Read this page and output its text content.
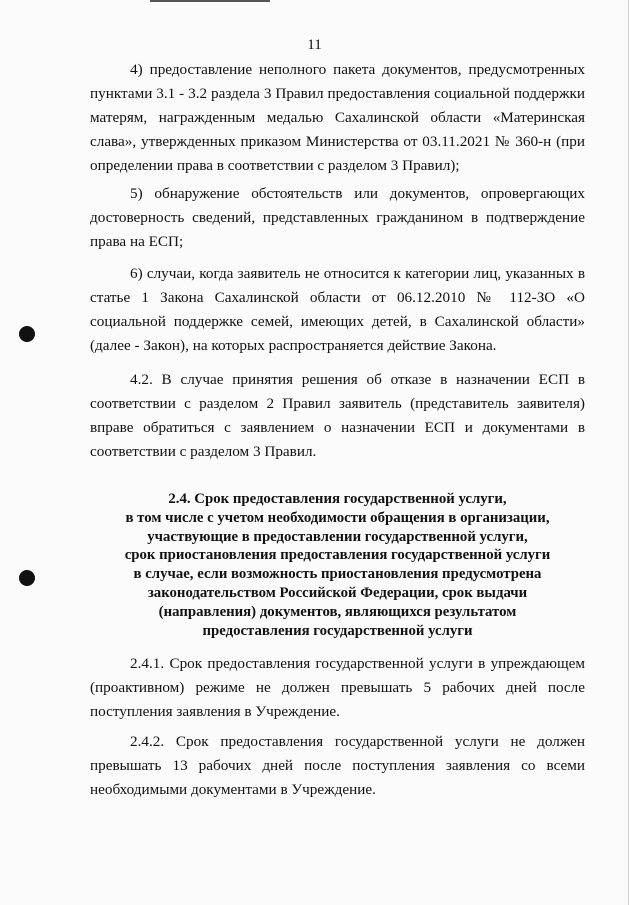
11

4) предоставление неполного пакета документов, предусмотренных пунктами 3.1 - 3.2 раздела 3 Правил предоставления социальной поддержки матерям, награжденным медалью Сахалинской области «Материнская слава», утвержденных приказом Министерства от 03.11.2021 № 360-н (при определении права в соответствии с разделом 3 Правил);

5) обнаружение обстоятельств или документов, опровергающих достоверность сведений, представленных гражданином в подтверждение права на ЕСП;

6) случаи, когда заявитель не относится к категории лиц, указанных в статье 1 Закона Сахалинской области от 06.12.2010 № 112-ЗО «О социальной поддержке семей, имеющих детей, в Сахалинской области» (далее - Закон), на которых распространяется действие Закона.

4.2. В случае принятия решения об отказе в назначении ЕСП в соответствии с разделом 2 Правил заявитель (представитель заявителя) вправе обратиться с заявлением о назначении ЕСП и документами в соответствии с разделом 3 Правил.

2.4. Срок предоставления государственной услуги,
в том числе с учетом необходимости обращения в организации,
участвующие в предоставлении государственной услуги,
срок приостановления предоставления государственной услуги
в случае, если возможность приостановления предусмотрена
законодательством Российской Федерации, срок выдачи
(направления) документов, являющихся результатом
предоставления государственной услуги

2.4.1. Срок предоставления государственной услуги в упреждающем (проактивном) режиме не должен превышать 5 рабочих дней после поступления заявления в Учреждение.

2.4.2. Срок предоставления государственной услуги не должен превышать 13 рабочих дней после поступления заявления со всеми необходимыми документами в Учреждение.
